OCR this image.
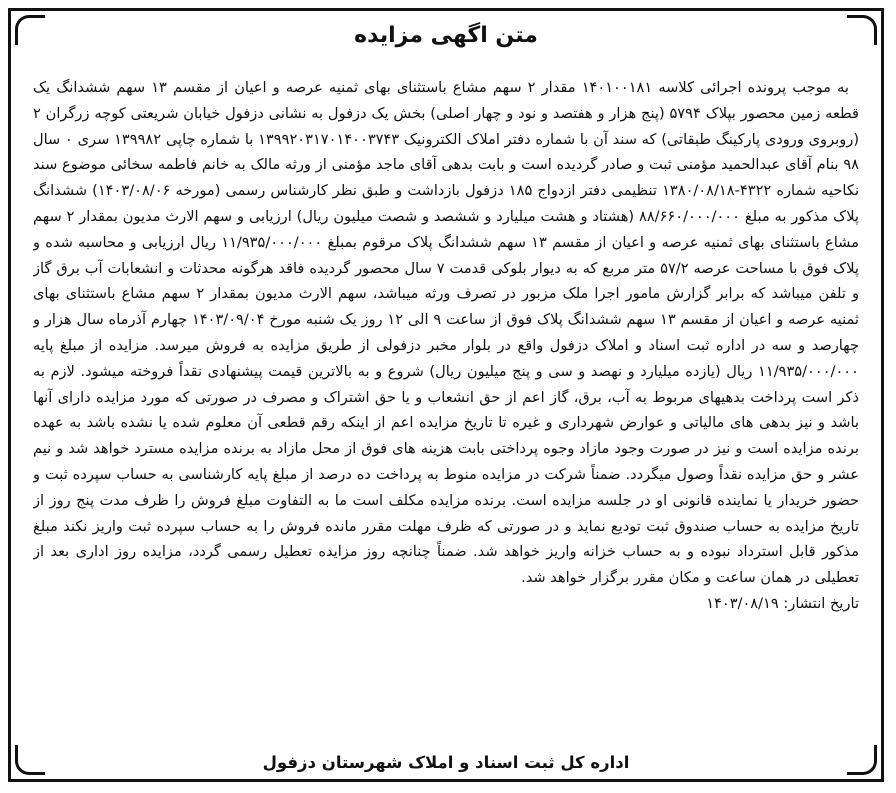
متن اگهی مزایده

به موجب پرونده اجرائی کلاسه ۱۴۰۱۰۰۱۸۱ مقدار ۲ سهم مشاع باستثنای بهای ثمنیه عرصه و اعیان از مقسم ۱۳ سهم ششدانگ یک قطعه زمین محصور بپلاک ۵۷۹۴ (پنج هزار و هفتصد و نود و چهار اصلی) بخش یک دزفول به نشانی دزفول خیابان شریعتی کوچه زرگران ۲ (روبروی ورودی پارکینگ طبقاتی) که سند آن با شماره دفتر املاک الکترونیک ۱۳۹۹۲۰۳۱۷۰۱۴۰۰۳۷۴۳ با شماره چاپی ۱۳۹۹۸۲ سری ۰ سال ۹۸ بنام آقای عبدالحمید مؤمنی ثبت و صادر گردیده است و بابت بدهی آقای ماجد مؤمنی از ورثه مالک به خانم فاطمه سخائی موضوع سند نکاحیه شماره ۴۳۲۲-۱۳۸۰/۰۸/۱۸ تنظیمی دفتر ازدواج ۱۸۵ دزفول بازداشت و طبق نظر کارشناس رسمی (مورخه ۱۴۰۳/۰۸/۰۶) ششدانگ پلاک مذکور به مبلغ ۸۸/۶۶۰/۰۰۰/۰۰۰ (هشتاد و هشت میلیارد و ششصد و شصت میلیون ریال) ارزیابی و سهم الارث مدیون بمقدار ۲ سهم مشاع باستثنای بهای ثمنیه عرصه و اعیان از مقسم ۱۳ سهم ششدانگ پلاک مرقوم بمبلغ ۱۱/۹۳۵/۰۰۰/۰۰۰ ریال ارزیابی و محاسبه شده و پلاک فوق با مساحت عرصه ۵۷/۲ متر مربع که به دیوار بلوکی قدمت ۷ سال محصور گردیده فاقد هرگونه محدثات و انشعابات آب برق گاز و تلفن میباشد که برابر گزارش مامور اجرا ملک مزبور در تصرف ورثه میباشد، سهم الارث مدیون بمقدار ۲ سهم مشاع باستثنای بهای ثمنیه عرصه و اعیان از مقسم ۱۳ سهم ششدانگ پلاک فوق از ساعت ۹ الی ۱۲ روز یک شنبه مورخ ۱۴۰۳/۰۹/۰۴ چهارم آذرماه سال هزار و چهارصد و سه در اداره ثبت اسناد و املاک دزفول واقع در بلوار مخبر دزفولی از طریق مزایده به فروش میرسد. مزایده از مبلغ پایه ۱۱/۹۳۵/۰۰۰/۰۰۰ ریال (یازده میلیارد و نهصد و سی و پنج میلیون ریال) شروع و به بالاترین قیمت پیشنهادی نقداً فروخته میشود. لازم به ذکر است پرداخت بدهیهای مربوط به آب، برق، گاز اعم از حق انشعاب و یا حق اشتراک و مصرف در صورتی که مورد مزایده دارای آنها باشد و نیز بدهی های مالیاتی و عوارض شهرداری و غیره تا تاریخ مزایده اعم از اینکه رقم قطعی آن معلوم شده یا نشده باشد به عهده برنده مزایده است و نیز در صورت وجود مازاد وجوه پرداختی بابت هزینه های فوق از محل مازاد به برنده مزایده مسترد خواهد شد و نیم عشر و حق مزایده نقداً وصول میگردد. ضمناً شرکت در مزایده منوط به پرداخت ده درصد از مبلغ پایه کارشناسی به حساب سپرده ثبت و حضور خریدار یا نماینده قانونی او در جلسه مزایده است. برنده مزایده مکلف است ما به التفاوت مبلغ فروش را ظرف مدت پنج روز از تاریخ مزایده به حساب صندوق ثبت تودیع نماید و در صورتی که ظرف مهلت مقرر مانده فروش را به حساب سپرده ثبت واریز نکند مبلغ مذکور قابل استرداد نبوده و به حساب خزانه واریز خواهد شد. ضمناً چنانچه روز مزایده تعطیل رسمی گردد، مزایده روز اداری بعد از تعطیلی در همان ساعت و مکان مقرر برگزار خواهد شد.

تاریخ انتشار: ۱۴۰۳/۰۸/۱۹
اداره کل ثبت اسناد و املاک شهرستان دزفول
